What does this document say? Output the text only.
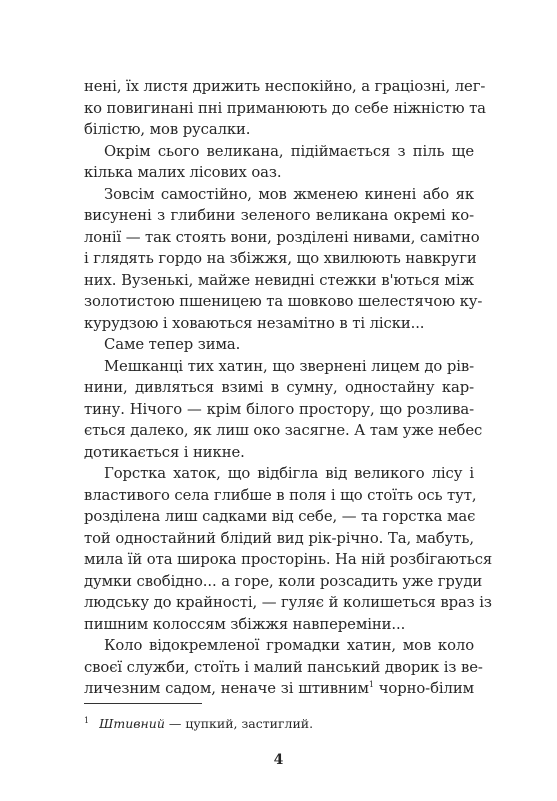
нені, їх листя дрижить неспокійно, а граціозні, лег-
ко повигинані пні приманюють до себе ніжністю та
білістю, мов русалки.
Окрім сього великана, підіймається з піль ще
кілька малих лісових оаз.
Зовсім самостійно, мов жменею кинені або як
висунені з глибини зеленого великана окремі ко-
лонії — так стоять вони, розділені нивами, самітно
і глядять гордо на збіжжя, що хвилюють навкруги
них. Вузенькі, майже невидні стежки в'ються між
золотистою пшеницею та шовково шелестячою ку-
курудзою і ховаються незамітно в ті ліски...
Саме тепер зима.
Мешканці тих хатин, що звернені лицем до рів-
нини, дивляться взимі в сумну, одностайну кар-
тину. Нічого — крім білого простору, що розлива-
ється далеко, як лиш око засягне. А там уже небес
дотикається і никне.
Горстка хаток, що відбігла від великого лісу і
властивого села глибше в поля і що стоїть ось тут,
розділена лиш садками від себе, — та горстка має
той одностайний блідий вид рік-річно. Та, мабуть,
мила їй ота широка просторінь. На ній розбігаються
думки свобідно... а горе, коли розсадить уже груди
людську до крайності, — гуляє й колишеться враз із
пишним колоссям збіжжя навпереміни...
Коло відокремленої громадки хатин, мов коло
своєї служби, стоїть і малий панський дворик із ве-
личезним садом, неначе зі штивним$^1$ чорно-білим
$^1$ Штивний — цупкий, застиглий.
4
